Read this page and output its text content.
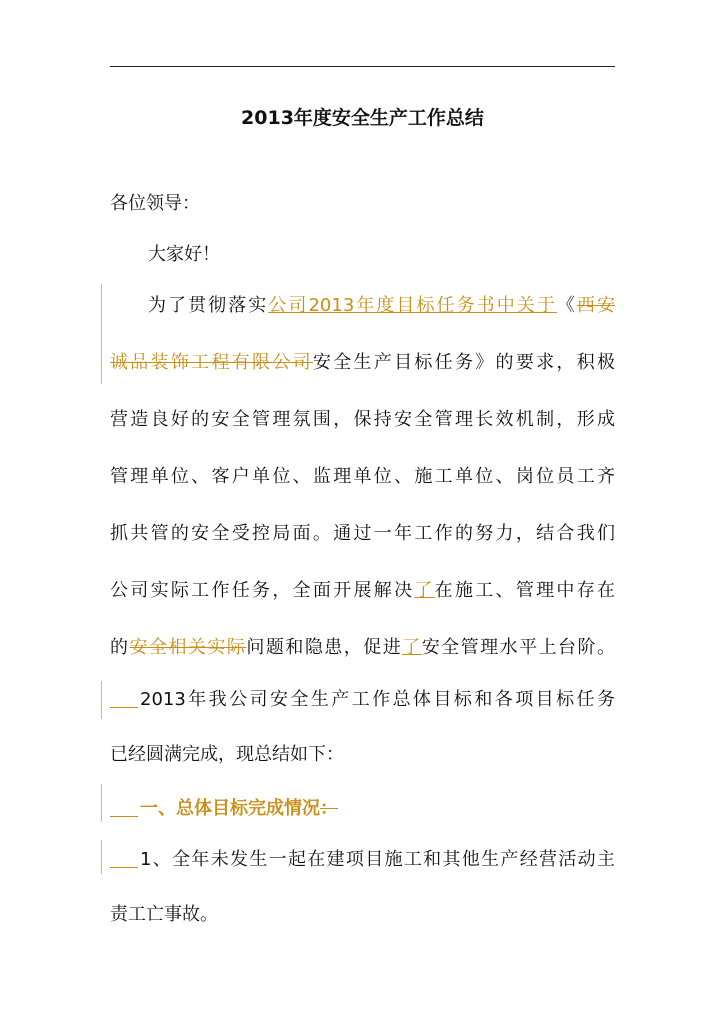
2013年度安全生产工作总结
各位领导：
大家好！
为了贯彻落实公司2013年度目标任务书中关于《西安
诚品装饰工程有限公司安全生产目标任务》的要求，积极
营造良好的安全管理氛围，保持安全管理长效机制，形成
管理单位、客户单位、监理单位、施工单位、岗位员工齐
抓共管的安全受控局面。通过一年工作的努力，结合我们
公司实际工作任务，全面开展解决了在施工、管理中存在
的安全相关实际问题和隐患，促进了安全管理水平上台阶。
2013年我公司安全生产工作总体目标和各项目标任务
已经圆满完成，现总结如下：
一、总体目标完成情况：
1、全年未发生一起在建项目施工和其他生产经营活动主
责工亡事故。
